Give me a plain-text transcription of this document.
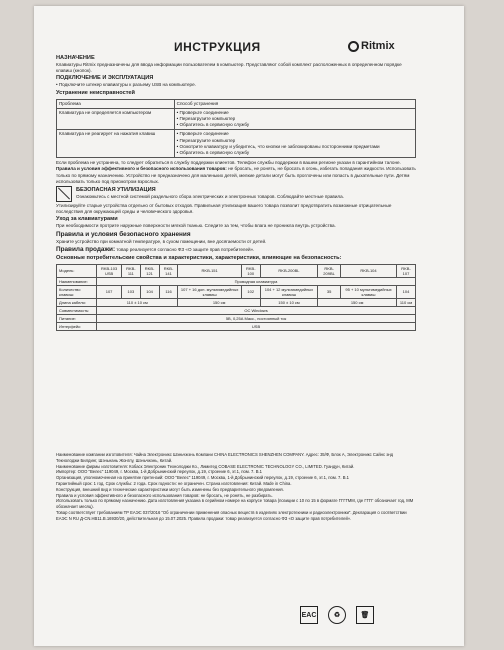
ИНСТРУКЦИЯ	Ritmix
НАЗНАЧЕНИЕ

Клавиатуры Ritmix предназначены для ввода информации пользователем в компьютер. Представляют собой комплект расположенных в определенном порядке клавиш (кнопок).

ПОДКЛЮЧЕНИЕ И ЭКСПЛУАТАЦИЯ

• Подключите штекер клавиатуры к разъему USB на компьютере.

Устранение неисправностей
Проблема	Способ устранения
Клавиатура не определяется компьютером	• Проверьте соединение
• Перезагрузите компьютер
• Обратитесь в сервисную службу

Клавиатура не реагирует на нажатия клавиш	• Проверьте соединение
• Перезагрузите компьютер
• Осмотрите клавиатуру и убедитесь, что кнопки не заблокированы посторонними предметами
• Обратитесь в сервисную службу

Если проблема не устранена, то следует обратиться в службу поддержки клиентов. Телефон службы поддержки в вашем регионе указан в гарантийном талоне.

Правила и условия эффективного и безопасного использования товаров: не бросать, не ронять, не бросать в огонь, избегать попадания жидкости. Использовать только по прямому назначению. Устройство не предназначено для маленьких детей, мелкие детали могут быть проглочены или попасть в дыхательные пути. Детям использовать только под присмотром взрослых.

БЕЗОПАСНАЯ УТИЛИЗАЦИЯ

Ознакомьтесь с местной системой раздельного сбора электрических и электронных товаров. Соблюдайте местные правила.

Утилизируйте старые устройства отдельно от бытовых отходов. Правильная утилизация вашего товара позволит предотвратить возможные отрицательные последствия для окружающей среды и человеческого здоровья.

Уход за клавиатурами

При необходимости протрите наружные поверхности мягкой тканью. Следите за тем, чтобы влага не проникла внутрь устройства.

Правила и условия безопасного хранения

Храните устройство при комнатной температуре, в сухом помещении, вне досягаемости от детей.

Правила продажи: товар реализуется согласно ФЗ «О защите прав потребителей».

Основные потребительские свойства и характеристики, характеристики, влияющие на безопасность:

Модель:	RKB-103 USB	RKB-111	RKB-121	RKB-141	RKB-151	RKB-100	RKB-200BL	RKB-209BL	RKB-104	RKB-107
Наименование:	Проводная клавиатура									
Количество клавиш:	107	103	104	116	107 + 16 доп. мультимедийных клавиш	102	104 + 12 мультимедийных клавиш	35	95 + 10 мультимедийных клавиш	104
Длина кабеля:	110 ± 10 см				150 см		150 ± 10 см	150 см		110 см
Совместимость:	ОС Windows									
Питание:	5В, 0,25А Макс., постоянный ток									
Интерфейс:	USB									

Наименование компании изготовителя: Чайна Электроникс Шэньчжэнь Компани CHINA ELECTRONICS SHENZHEN COMPANY. Адрес: 35/Ф, Блок А, Электроникс Сайнс энд Текнолоджи Билдинг, Шэньнань Жонглу, Шэньчжэнь, Китай.

Наименование фирмы изготовителя: Кобаск Электроник Технолоджи Ко., Лимитед COBASE ELECTRONIC TECHNOLOGY CO., LIMITED. Гуандун, Китай.

Импортер: ООО "Велес" 119049, г. Москва, 1-й Добрынинский переулок, д.19, строение 6, эт.1, пом. 7. В.1

Организация, уполномоченная на принятие претензий: ООО "Велес" 119049, г. Москва, 1-й Добрынинский переулок, д.19, строение 6, эт.1, пом. 7. В.1

Гарантийный срок: 1 год. Срок службы: 2 года. Срок годности: не ограничен. Страна изготовления: Китай. Made in China.

Конструкция, внешний вид и технические характеристики могут быть изменены без предварительного уведомления.

Правила и условия эффективного и безопасного использования товаров: не бросать, не ронять, не разбирать.

Использовать только по прямому назначению. Дата изготовления указана в серийном номере на корпусе товара (позиции с 10 по 15 в формате ГГГГММ, где ГГГГ обозначает год, ММ обозначает месяц).

Товар соответствует требованиям ТР ЕАЭС 037/2016 "Об ограничении применения опасных веществ в изделиях электротехники и радиоэлектроники". Декларация о соответствии ЕАЭС N RU Д-CN.HB11.B.16930/20, действительная до 15.07.2025. Правила продажи: товар реализуется согласно ФЗ «О защите прав потребителей».

EAC	♻	🗑
